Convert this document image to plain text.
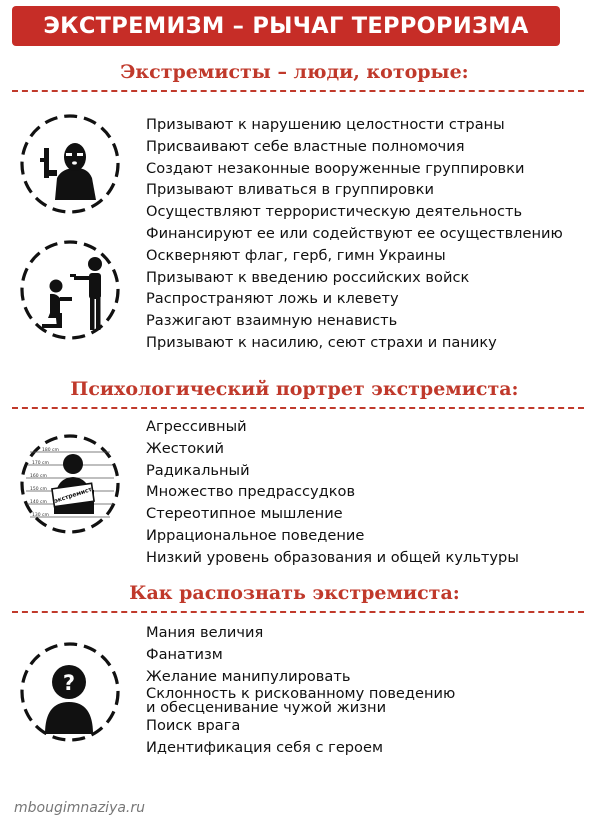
ЭКСТРЕМИЗМ – РЫЧАГ ТЕРРОРИЗМА
Экстремисты – люди, которые:
Призывают к нарушению целостности страны
Присваивают себе властные полномочия
Создают незаконные вооруженные группировки
Призывают вливаться в группировки
Осуществляют террористическую деятельность
Финансируют ее или содействуют ее осуществлению
Оскверняют флаг, герб, гимн Украины
Призывают к введению российских войск
Распространяют ложь и клевету
Разжигают взаимную ненависть
Призывают к насилию, сеют страхи и панику
Психологический портрет экстремиста:
180 cm
170 cm
160 cm
150 cm
140 cm
130 cm
экстремист
Агрессивный
Жестокий
Радикальный
Множество предрассудков
Стереотипное мышление
Иррациональное поведение
Низкий уровень образования и общей культуры
Как распознать экстремиста:
?
Мания величия
Фанатизм
Желание манипулировать
Склонность к рискованному поведению
и обесценивание чужой жизни
Поиск врага
Идентификация себя с героем
mbougimnaziya.ru
